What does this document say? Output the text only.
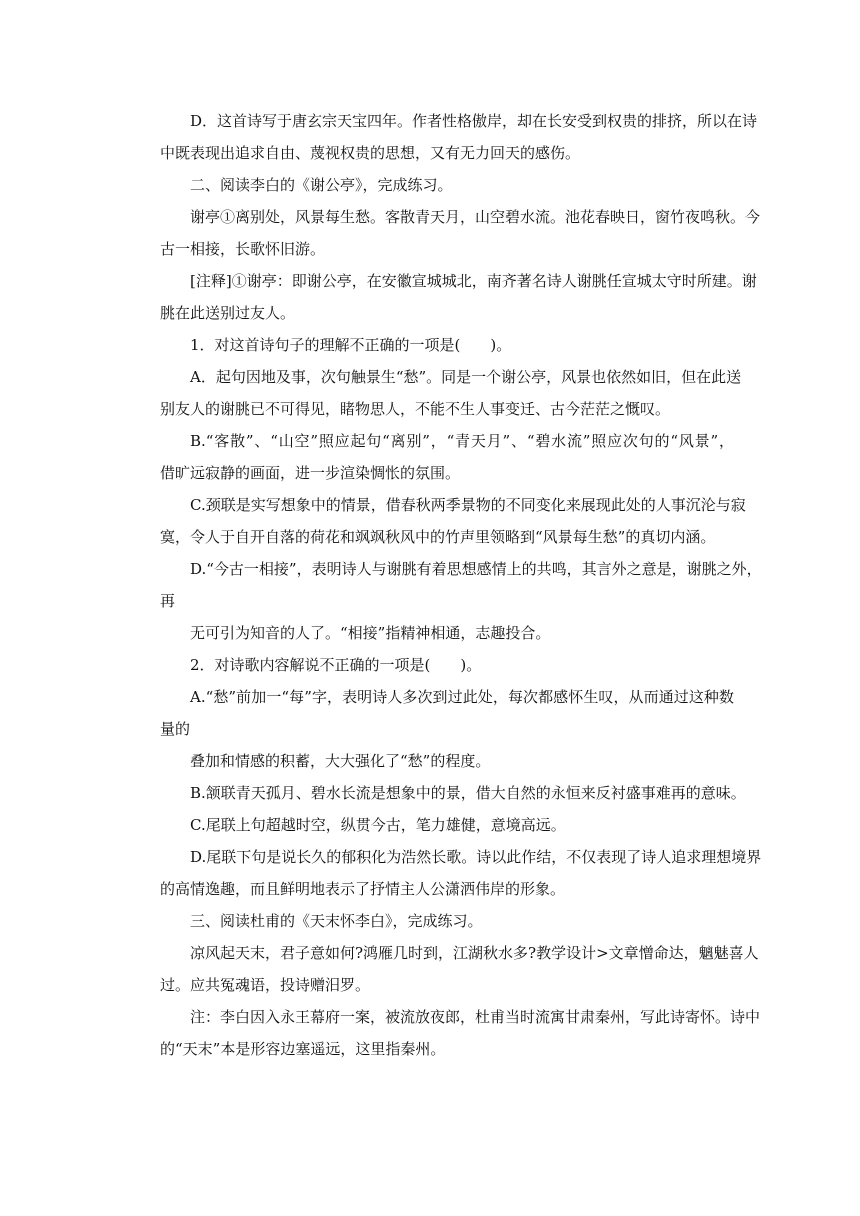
D．这首诗写于唐玄宗天宝四年。作者性格傲岸，却在长安受到权贵的排挤，所以在诗
中既表现出追求自由、蔑视权贵的思想，又有无力回天的感伤。
二、阅读李白的《谢公亭》，完成练习。
谢亭①离别处，风景每生愁。客散青天月，山空碧水流。池花春映日，窗竹夜鸣秋。今
古一相接，长歌怀旧游。
[注释]①谢亭：即谢公亭，在安徽宣城城北，南齐著名诗人谢朓任宣城太守时所建。谢
朓在此送别过友人。
1．对这首诗句子的理解不正确的一项是(　　)。
A．起句因地及事，次句触景生“愁”。同是一个谢公亭，风景也依然如旧，但在此送
别友人的谢朓已不可得见，睹物思人，不能不生人事变迁、古今茫茫之慨叹。
B.“客散”、“山空”照应起句“离别”，“青天月”、“碧水流”照应次句的“风景”，
借旷远寂静的画面，进一步渲染惆怅的氛围。
C.颈联是实写想象中的情景，借春秋两季景物的不同变化来展现此处的人事沉沦与寂
寞，令人于自开自落的荷花和飒飒秋风中的竹声里领略到“风景每生愁”的真切内涵。
D.“今古一相接”，表明诗人与谢朓有着思想感情上的共鸣，其言外之意是，谢朓之外，
再
无可引为知音的人了。“相接”指精神相通，志趣投合。
2．对诗歌内容解说不正确的一项是(　　)。
A.“愁”前加一“每”字，表明诗人多次到过此处，每次都感怀生叹，从而通过这种数
量的
叠加和情感的积蓄，大大强化了“愁”的程度。
B.颔联青天孤月、碧水长流是想象中的景，借大自然的永恒来反衬盛事难再的意味。
C.尾联上句超越时空，纵贯今古，笔力雄健，意境高远。
D.尾联下句是说长久的郁积化为浩然长歌。诗以此作结，不仅表现了诗人追求理想境界
的高情逸趣，而且鲜明地表示了抒情主人公潇洒伟岸的形象。
三、阅读杜甫的《天末怀李白》，完成练习。
凉风起天末，君子意如何?鸿雁几时到，江湖秋水多?教学设计>文章憎命达，魑魅喜人
过。应共冤魂语，投诗赠汨罗。
注：李白因入永王幕府一案，被流放夜郎，杜甫当时流寓甘肃秦州，写此诗寄怀。诗中
的“天末”本是形容边塞遥远，这里指秦州。
